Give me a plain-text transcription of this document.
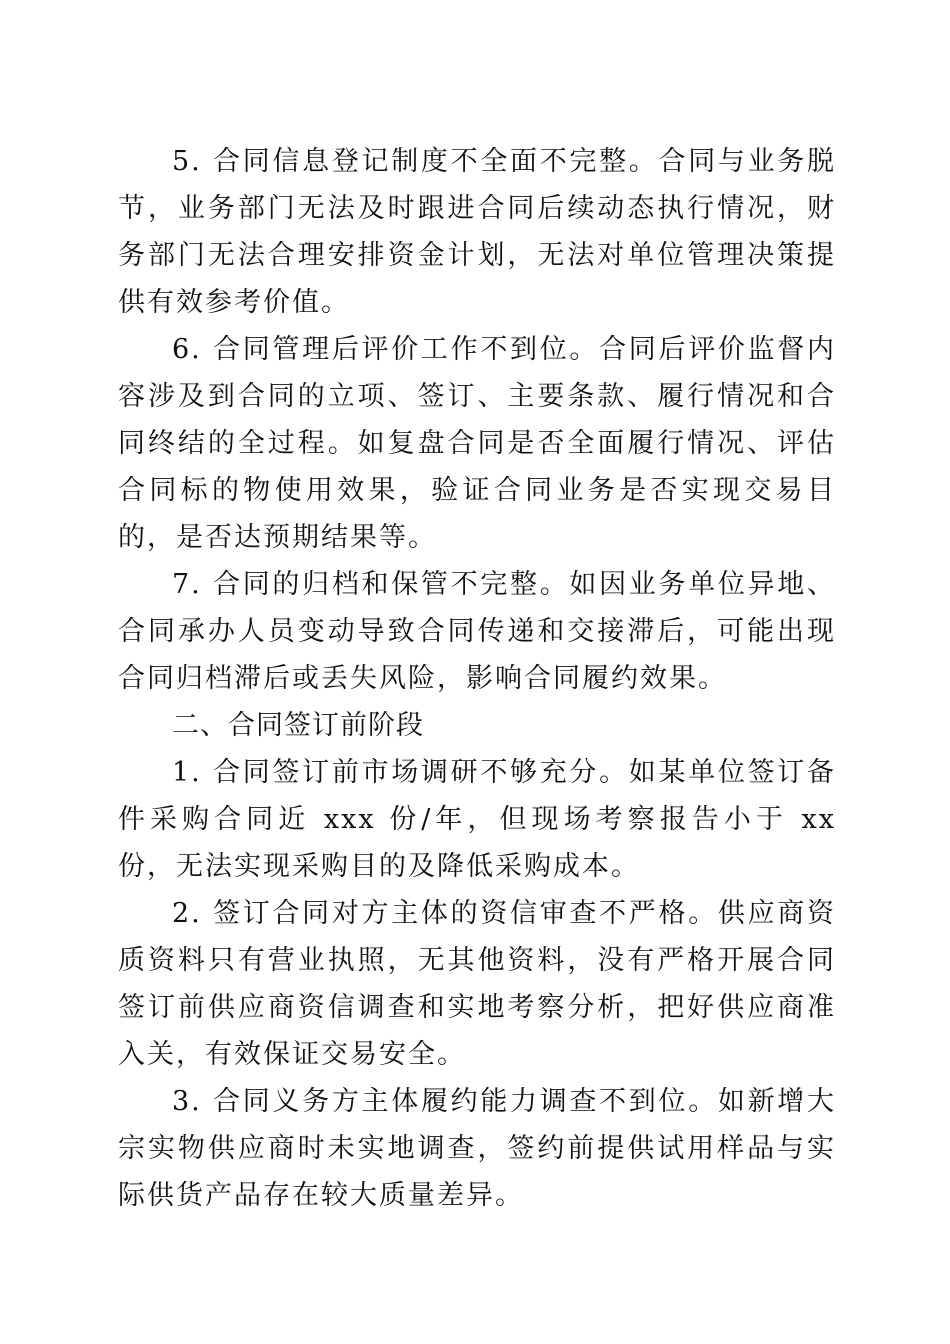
5. 合同信息登记制度不全面不完整。合同与业务脱节，业务部门无法及时跟进合同后续动态执行情况，财务部门无法合理安排资金计划，无法对单位管理决策提供有效参考价值。

6. 合同管理后评价工作不到位。合同后评价监督内容涉及到合同的立项、签订、主要条款、履行情况和合同终结的全过程。如复盘合同是否全面履行情况、评估合同标的物使用效果，验证合同业务是否实现交易目的，是否达预期结果等。

7. 合同的归档和保管不完整。如因业务单位异地、合同承办人员变动导致合同传递和交接滞后，可能出现合同归档滞后或丢失风险，影响合同履约效果。

二、合同签订前阶段

1. 合同签订前市场调研不够充分。如某单位签订备件采购合同近 xxx 份/年，但现场考察报告小于 xx 份，无法实现采购目的及降低采购成本。

2. 签订合同对方主体的资信审查不严格。供应商资质资料只有营业执照，无其他资料，没有严格开展合同签订前供应商资信调查和实地考察分析，把好供应商准入关，有效保证交易安全。

3. 合同义务方主体履约能力调查不到位。如新增大宗实物供应商时未实地调查，签约前提供试用样品与实际供货产品存在较大质量差异。
